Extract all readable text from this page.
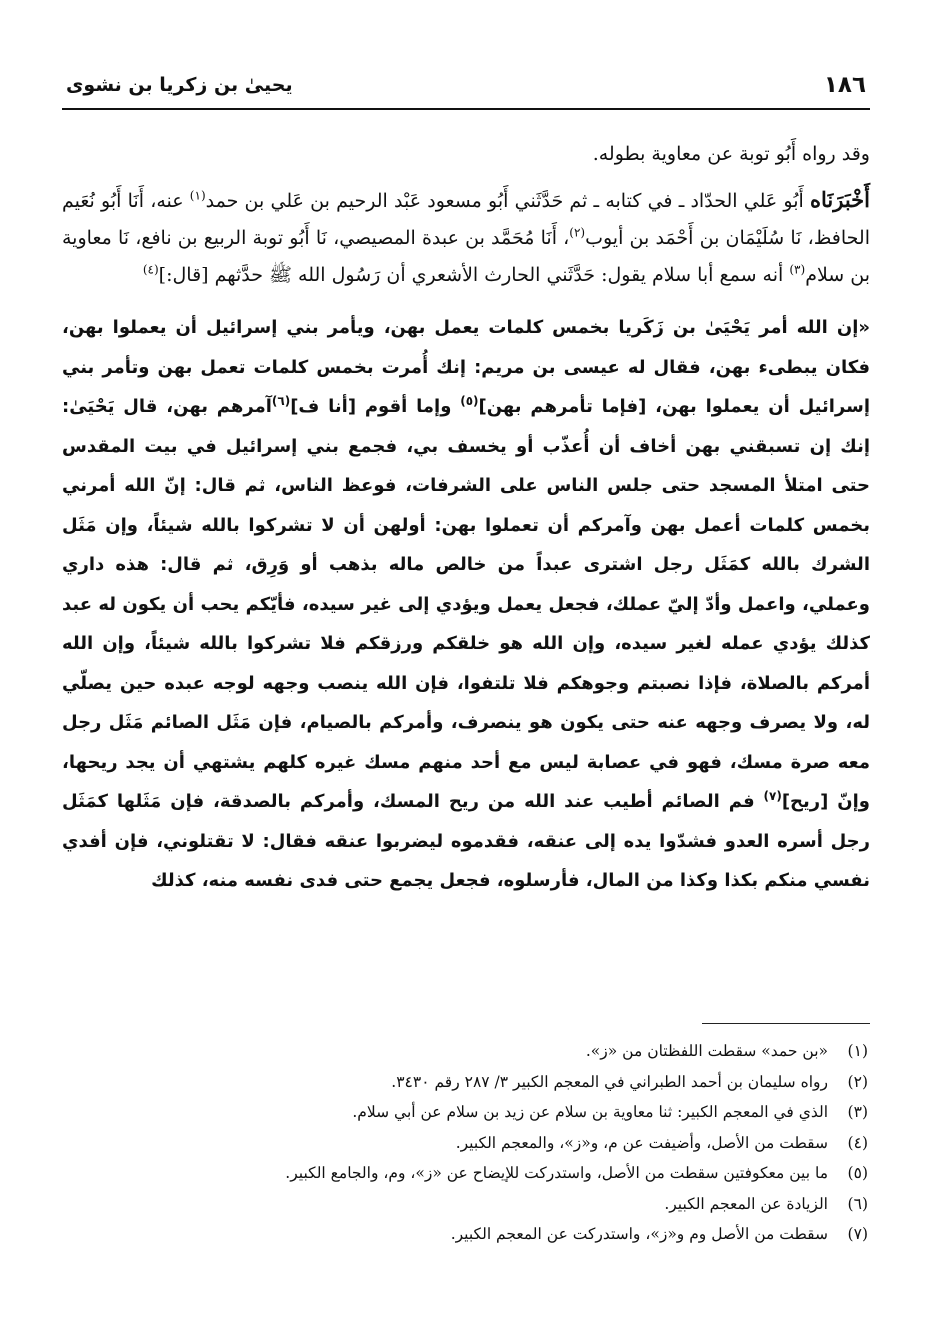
١٨٦
يحيىٰ بن زكريا بن نشوى

وقد رواه أَبُو توبة عن معاوية بطوله.

أَخْبَرَنَاه أَبُو عَلي الحدّاد ـ في كتابه ـ ثم حَدَّثَني أَبُو مسعود عَبْد الرحيم بن عَلي بن حمد$^{(١)}$ عنه، أَنَا أَبُو نُعَيم الحافظ، نَا سُلَيْمَان بن أَحْمَد بن أيوب$^{(٢)}$، أَنَا مُحَمَّد بن عبدة المصيصي، نَا أَبُو توبة الربيع بن نافع، نَا معاوية بن سلام$^{(٣)}$ أنه سمع أبا سلام يقول: حَدَّثَني الحارث الأشعري أن رَسُول الله ﷺ حدَّثهم [قال:]$^{(٤)}$

«إن الله أمر يَحْيَىٰ بن زَكَريا بخمس كلمات يعمل بهن، ويأمر بني إسرائيل أن يعملوا بهن، فكان يبطىء بهن، فقال له عيسى بن مريم: إنك أُمرت بخمس كلمات تعمل بهن وتأمر بني إسرائيل أن يعملوا بهن، [فإما تأمرهم بهن]$^{(٥)}$ وإما أقوم [أنا ف]$^{(٦)}$آمرهم بهن، قال يَحْيَىٰ: إنك إن تسبقني بهن أخاف أن أُعذّب أو يخسف بي، فجمع بني إسرائيل في بيت المقدس حتى امتلأ المسجد حتى جلس الناس على الشرفات، فوعظ الناس، ثم قال: إنّ الله أمرني بخمس كلمات أعمل بهن وآمركم أن تعملوا بهن: أولهن أن لا تشركوا بالله شيئاً، وإن مَثَل الشرك بالله كمَثَل رجل اشترى عبداً من خالص ماله بذهب أو وَرِق، ثم قال: هذه داري وعملي، واعمل وأدّ إليّ عملك، فجعل يعمل ويؤدي إلى غير سيده، فأيّكم يحب أن يكون له عبد كذلك يؤدي عمله لغير سيده، وإن الله هو خلقكم ورزقكم فلا تشركوا بالله شيئاً، وإن الله أمركم بالصلاة، فإذا نصبتم وجوهكم فلا تلتفوا، فإن الله ينصب وجهه لوجه عبده حين يصلّي له، ولا يصرف وجهه عنه حتى يكون هو ينصرف، وأمركم بالصيام، فإن مَثَل الصائم مَثَل رجل معه صرة مسك، فهو في عصابة ليس مع أحد منهم مسك غيره كلهم يشتهي أن يجد ريحها، وإنّ [ريح]$^{(٧)}$ فم الصائم أطيب عند الله من ريح المسك، وأمركم بالصدقة، فإن مَثَلها كمَثَل رجل أسره العدو فشدّوا يده إلى عنقه، فقدموه ليضربوا عنقه فقال: لا تقتلوني، فإن أفدي نفسي منكم بكذا وكذا من المال، فأرسلوه، فجعل يجمع حتى فدى نفسه منه، كذلك

(١)
«بن حمد» سقطت اللفظتان من «ز».
(٢)
رواه سليمان بن أحمد الطبراني في المعجم الكبير ٣/ ٢٨٧ رقم ٣٤٣٠.
(٣)
الذي في المعجم الكبير: ثنا معاوية بن سلام عن زيد بن سلام عن أبي سلام.
(٤)
سقطت من الأصل، وأضيفت عن م، و«ز»، والمعجم الكبير.
(٥)
ما بين معكوفتين سقطت من الأصل، واستدركت للإيضاح عن «ز»، وم، والجامع الكبير.
(٦)
الزيادة عن المعجم الكبير.
(٧)
سقطت من الأصل وم و«ز»، واستدركت عن المعجم الكبير.
